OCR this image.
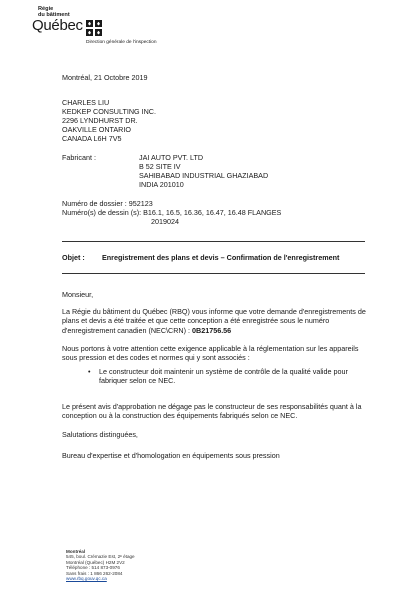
Régie
du bâtiment
Québec
Direction générale de l'inspection
Montréal, 21 Octobre 2019
CHARLES LIU
KEDKEP CONSULTING INC.
2296 LYNDHURST DR.
OAKVILLE ONTARIO
CANADA L6H 7V5
Fabricant :	JAI AUTO PVT. LTD
B 52 SITE IV
SAHIBABAD INDUSTRIAL GHAZIABAD
INDIA 201010
Numéro de dossier : 952123
Numéro(s) de dessin (s): B16.1, 16.5, 16.36, 16.47, 16.48 FLANGES
2019024
Objet : Enregistrement des plans et devis – Confirmation de l'enregistrement
Monsieur,
La Régie du bâtiment du Québec (RBQ) vous informe que votre demande d'enregistrements de plans et devis a été traitée et que cette conception a été enregistrée sous le numéro d'enregistrement canadien (NEC\CRN) : 0B21756.56
Nous portons à votre attention cette exigence applicable à la réglementation sur les appareils sous pression et des codes et normes qui y sont associés :
• Le constructeur doit maintenir un système de contrôle de la qualité valide pour fabriquer selon ce NEC.
Le présent avis d'approbation ne dégage pas le constructeur de ses responsabilités quant à la conception ou à la construction des équipements fabriqués selon ce NEC.
Salutations distinguées,
Bureau d'expertise et d'homologation en équipements sous pression
Montréal
545, boul. Crémazie Est, 2ᵉ étage
Montréal (Québec) H2M 2V2
Téléphone : 514 873-0976
Sans frais : 1 866 262-2084
www.rbq.gouv.qc.ca
